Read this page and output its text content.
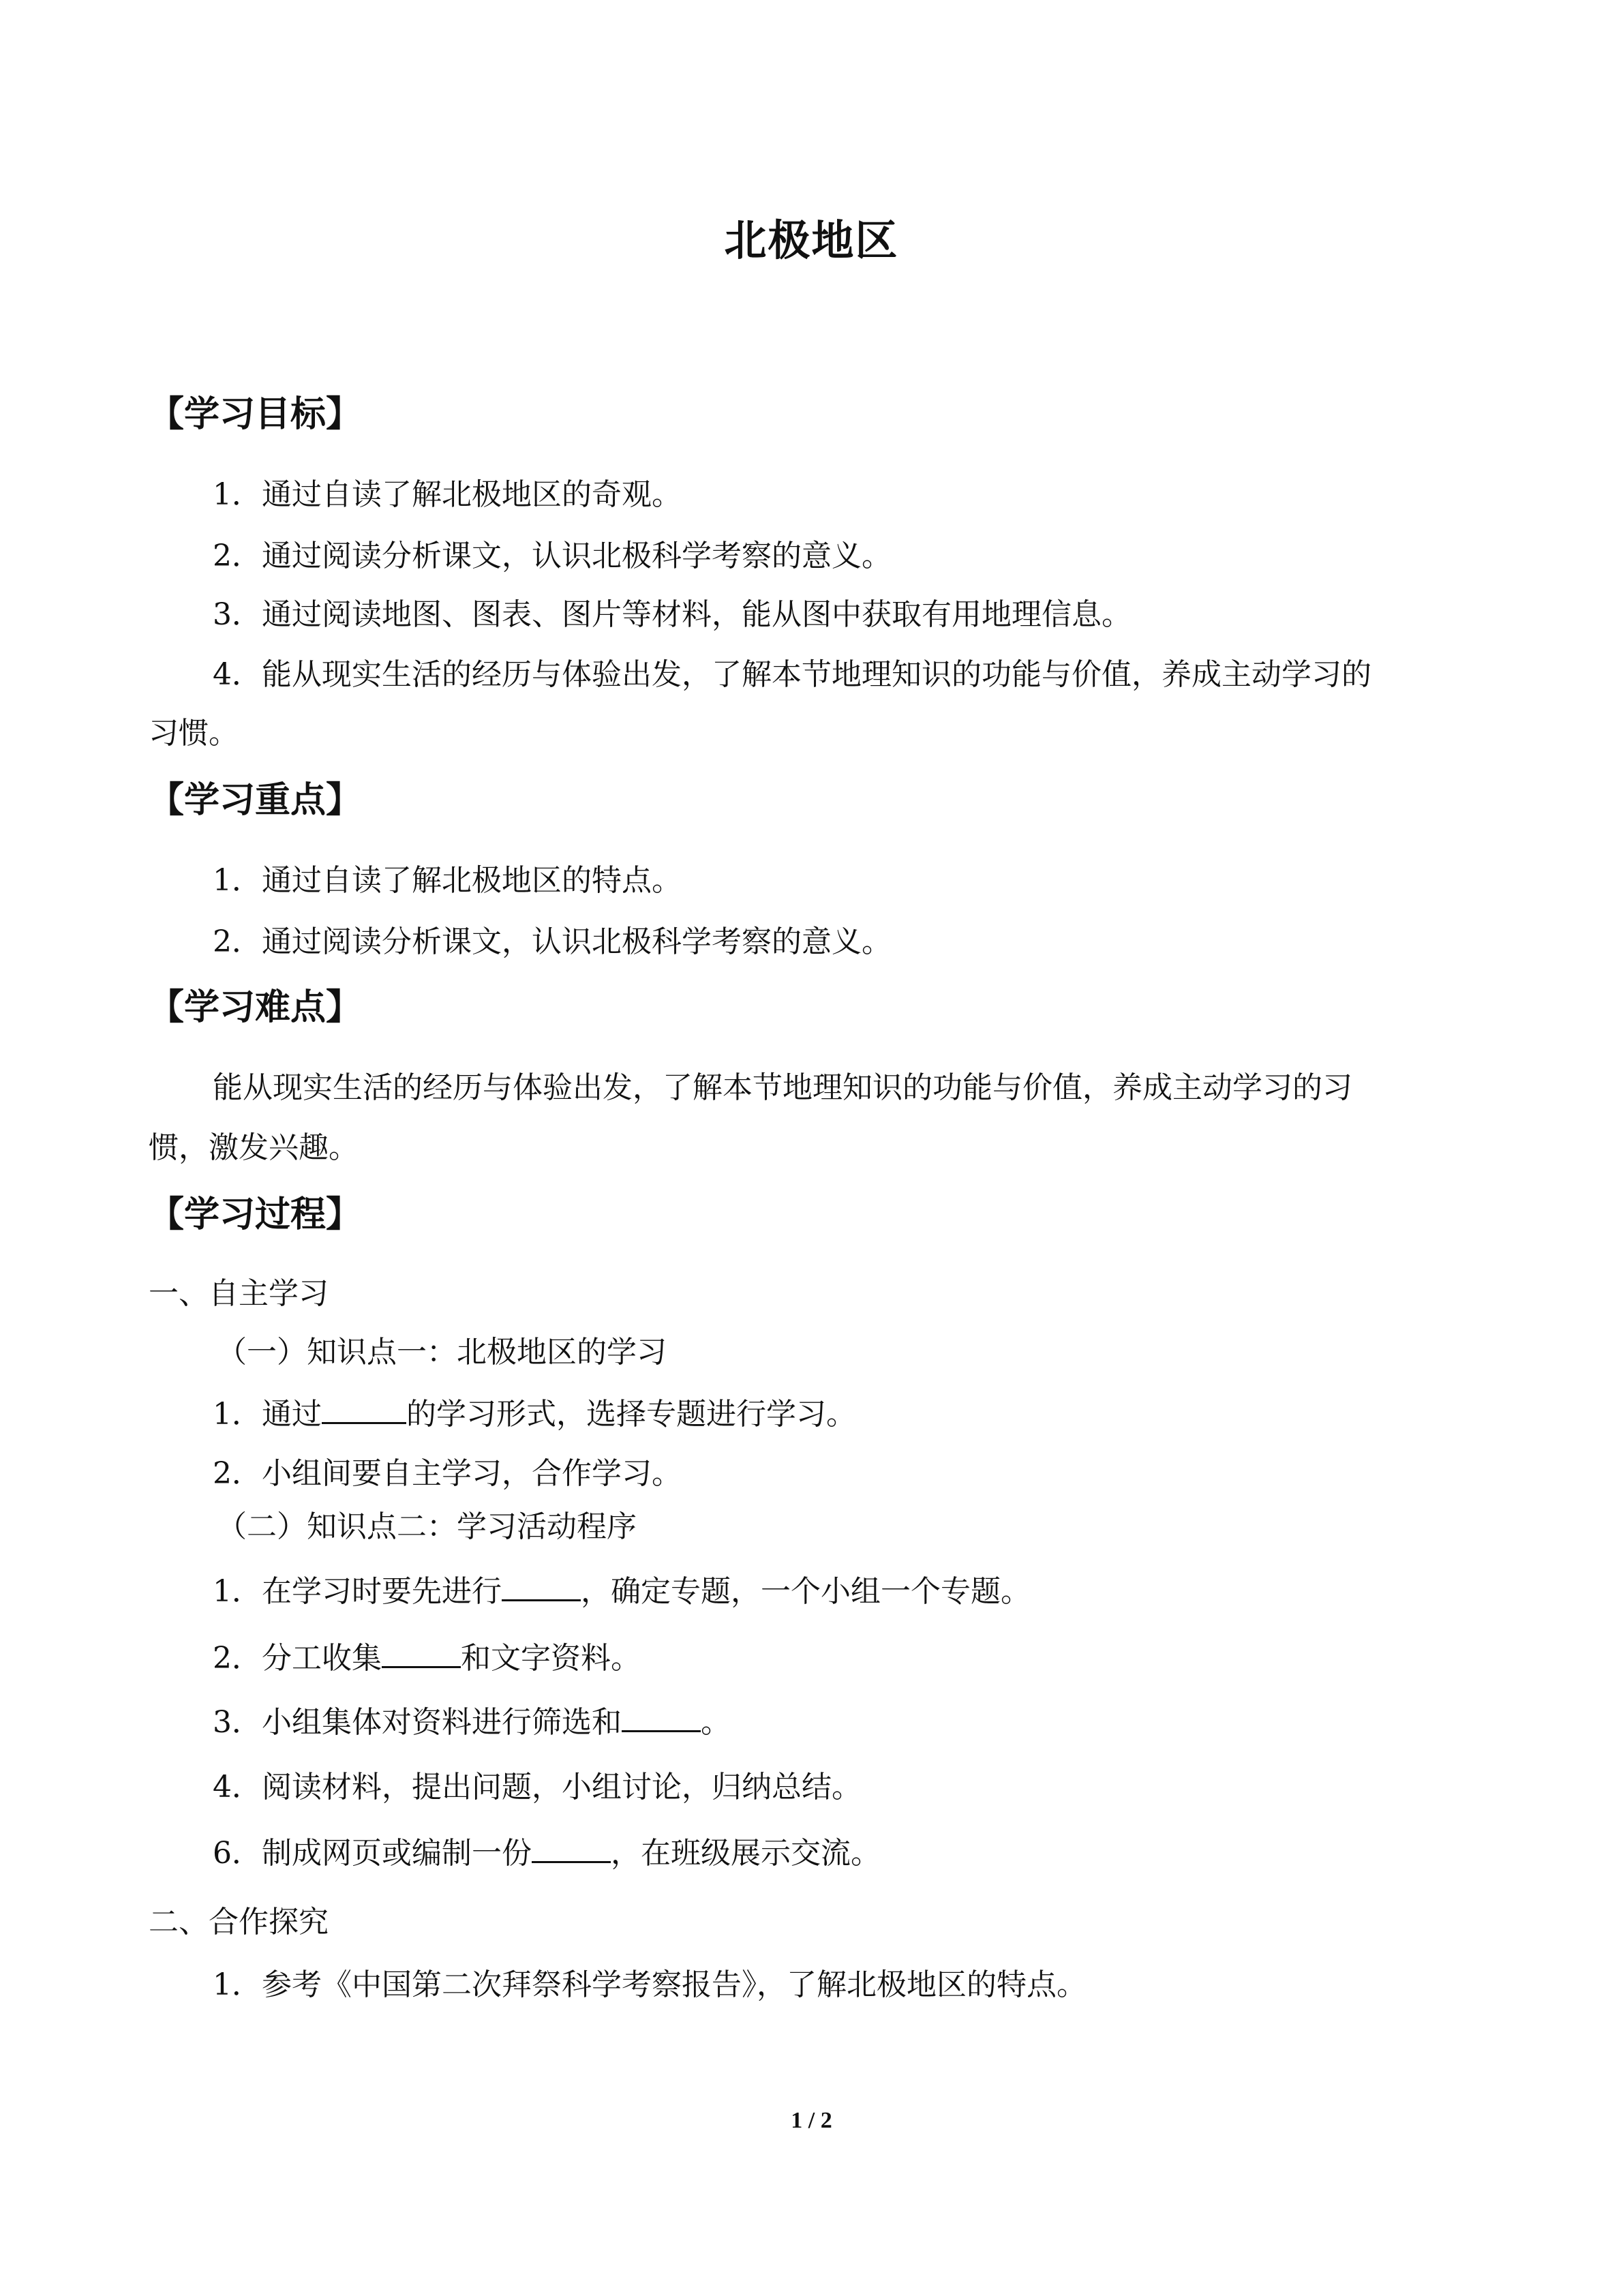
北极地区
【学习目标】
1．通过自读了解北极地区的奇观。
2．通过阅读分析课文，认识北极科学考察的意义。
3．通过阅读地图、图表、图片等材料，能从图中获取有用地理信息。
4．能从现实生活的经历与体验出发，了解本节地理知识的功能与价值，养成主动学习的
习惯。
【学习重点】
1．通过自读了解北极地区的特点。
2．通过阅读分析课文，认识北极科学考察的意义。
【学习难点】
能从现实生活的经历与体验出发，了解本节地理知识的功能与价值，养成主动学习的习
惯，激发兴趣。
【学习过程】
一、自主学习
（一）知识点一：北极地区的学习
1．通过	的学习形式，选择专题进行学习。
2．小组间要自主学习，合作学习。
（二）知识点二：学习活动程序
1．在学习时要先进行	，确定专题，一个小组一个专题。
2．分工收集	和文字资料。
3．小组集体对资料进行筛选和	。
4．阅读材料，提出问题，小组讨论，归纳总结。
6．制成网页或编制一份	，在班级展示交流。
二、合作探究
1．参考《中国第二次拜祭科学考察报告》，了解北极地区的特点。
1 / 2
